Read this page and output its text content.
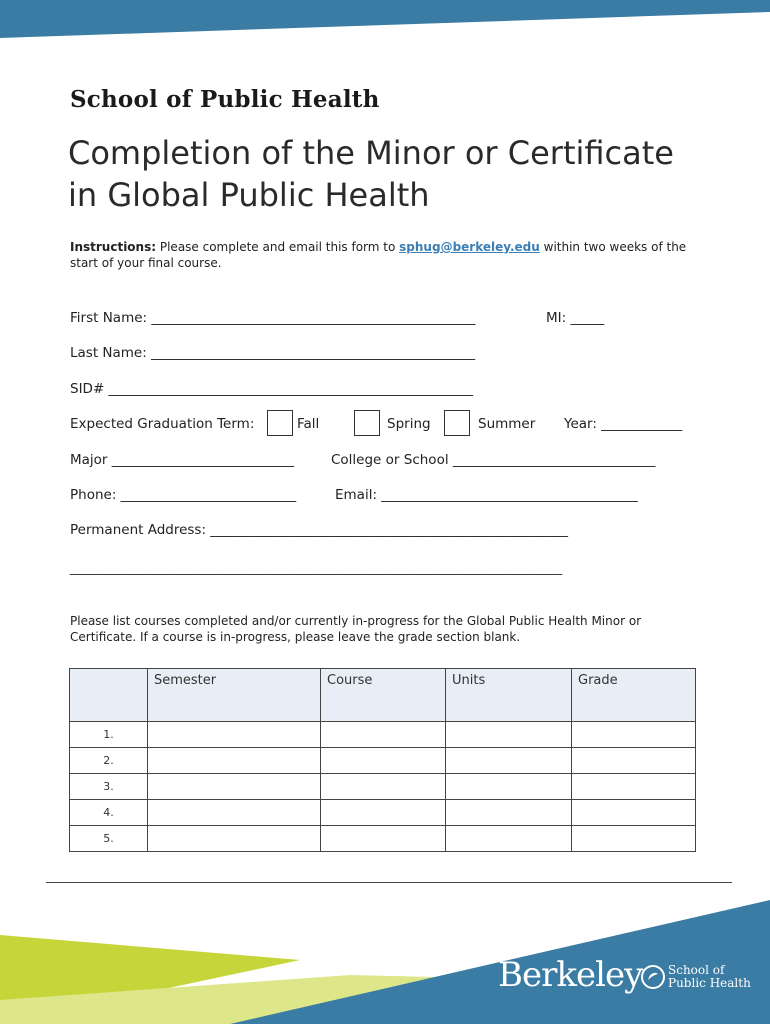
School of Public Health
Completion of the Minor or Certificate
in Global Public Health
Instructions: Please complete and email this form to sphug@berkeley.edu within two weeks of the start of your final course.
First Name: ________________________________________________	MI: _____
Last Name: ________________________________________________
SID# ______________________________________________________
Expected Graduation Term:	Fall	Spring	Summer Year: ____________
Major ___________________________	College or School ______________________________
Phone: __________________________	Email: ______________________________________
Permanent Address: _____________________________________________________
__________________________________________________________________________________
Please list courses completed and/or currently in-progress for the Global Public Health Minor or Certificate. If a course is in-progress, please leave the grade section blank.
	Semester	Course	Units	Grade
1.				
2.				
3.				
4.				
5.				
Berkeley School of
Public Health
